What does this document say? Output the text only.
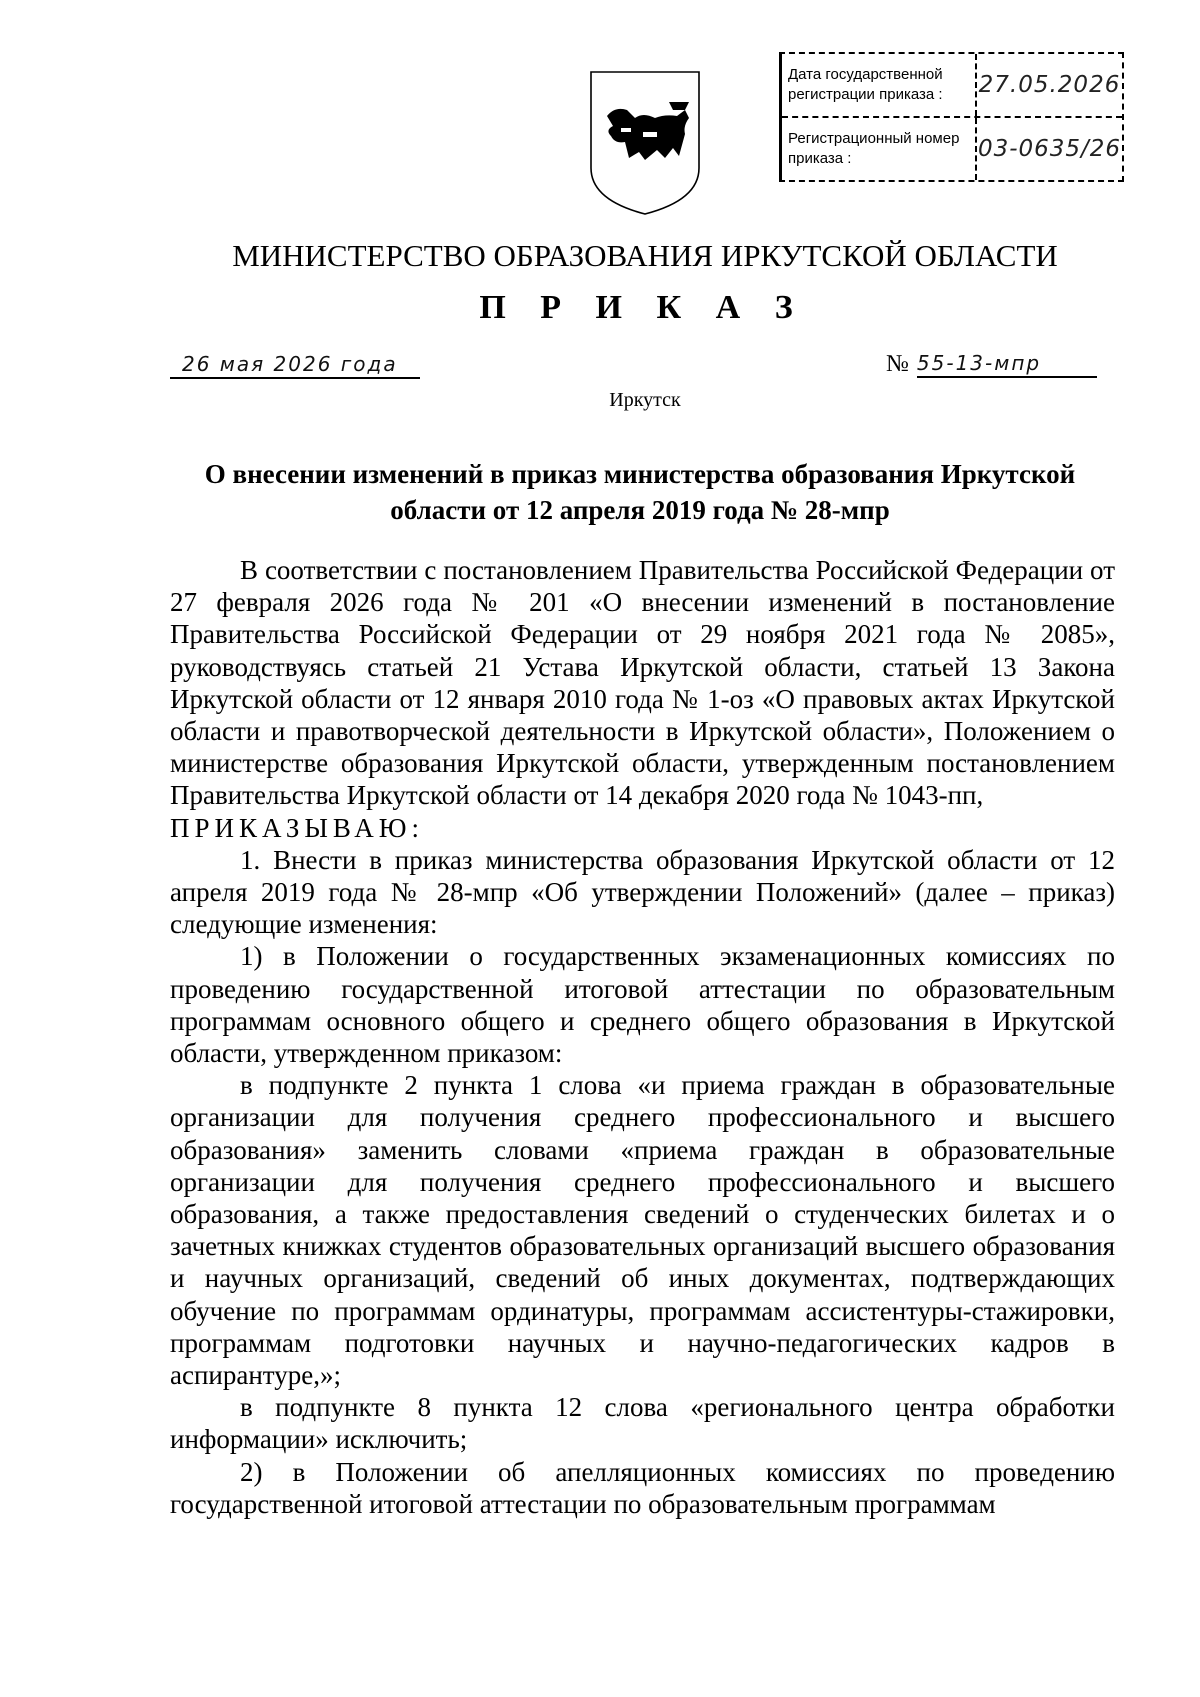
Дата государственной регистрации приказа :	27.05.2026
Регистрационный номер приказа :	03-0635/26
МИНИСТЕРСТВО ОБРАЗОВАНИЯ ИРКУТСКОЙ ОБЛАСТИ
П Р И К А З
26 мая 2026 года	№ 55-13-мпр
Иркутск
О внесении изменений в приказ министерства образования Иркутской области от 12 апреля 2019 года № 28-мпр

В соответствии с постановлением Правительства Российской Федерации от 27 февраля 2026 года № 201 «О внесении изменений в постановление Правительства Российской Федерации от 29 ноября 2021 года № 2085», руководствуясь статьей 21 Устава Иркутской области, статьей 13 Закона Иркутской области от 12 января 2010 года № 1-оз «О правовых актах Иркутской области и правотворческой деятельности в Иркутской области», Положением о министерстве образования Иркутской области, утвержденным постановлением Правительства Иркутской области от 14 декабря 2020 года № 1043-пп,

ПРИКАЗЫВАЮ:

1. Внести в приказ министерства образования Иркутской области от 12 апреля 2019 года № 28-мпр «Об утверждении Положений» (далее – приказ) следующие изменения:

1) в Положении о государственных экзаменационных комиссиях по проведению государственной итоговой аттестации по образовательным программам основного общего и среднего общего образования в Иркутской области, утвержденном приказом:

в подпункте 2 пункта 1 слова «и приема граждан в образовательные организации для получения среднего профессионального и высшего образования» заменить словами «приема граждан в образовательные организации для получения среднего профессионального и высшего образования, а также предоставления сведений о студенческих билетах и о зачетных книжках студентов образовательных организаций высшего образования и научных организаций, сведений об иных документах, подтверждающих обучение по программам ординатуры, программам ассистентуры-стажировки, программам подготовки научных и научно-педагогических кадров в аспирантуре,»;

в подпункте 8 пункта 12 слова «регионального центра обработки информации» исключить;

2) в Положении об апелляционных комиссиях по проведению государственной итоговой аттестации по образовательным программам
